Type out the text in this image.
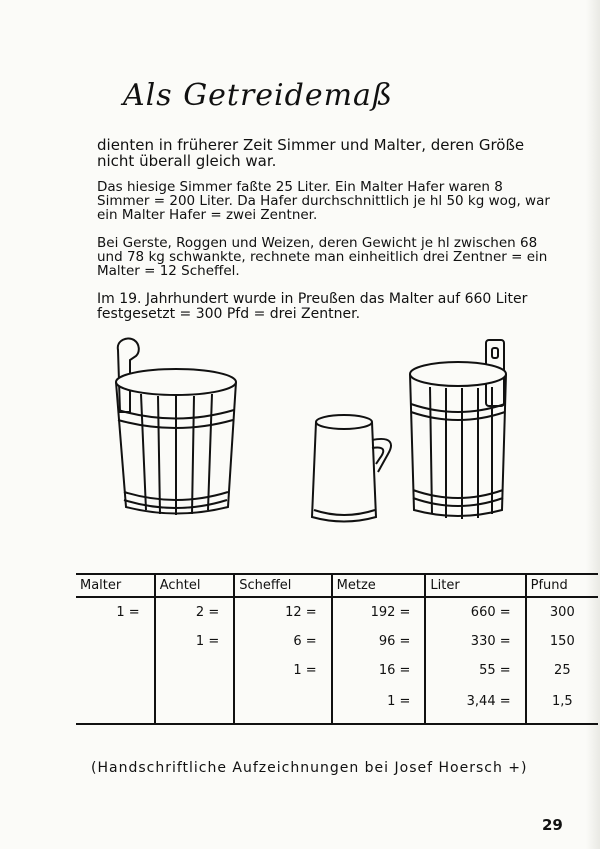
Als Getreidemaß

dienten in früherer Zeit Simmer und Malter, deren Größe nicht überall gleich war.

Das hiesige Simmer faßte 25 Liter. Ein Malter Hafer waren 8 Simmer = 200 Liter. Da Hafer durchschnittlich je hl 50 kg wog, war ein Malter Hafer = zwei Zentner.

Bei Gerste, Roggen und Weizen, deren Gewicht je hl zwischen 68 und 78 kg schwankte, rechnete man einheitlich drei Zentner = ein Malter = 12 Scheffel.

Im 19. Jahrhundert wurde in Preußen das Malter auf 660 Liter festgesetzt = 300 Pfd = drei Zentner.

Malter	Achtel	Scheffel	Metze	Liter	Pfund
1 =	2 =	12 =	192 =	660 =	300
	1 =	6 =	96 =	330 =	150
		1 =	16 =	55 =	25
			1 =	3,44 =	1,5
(Handschriftliche Aufzeichnungen bei Josef Hoersch +)
29
